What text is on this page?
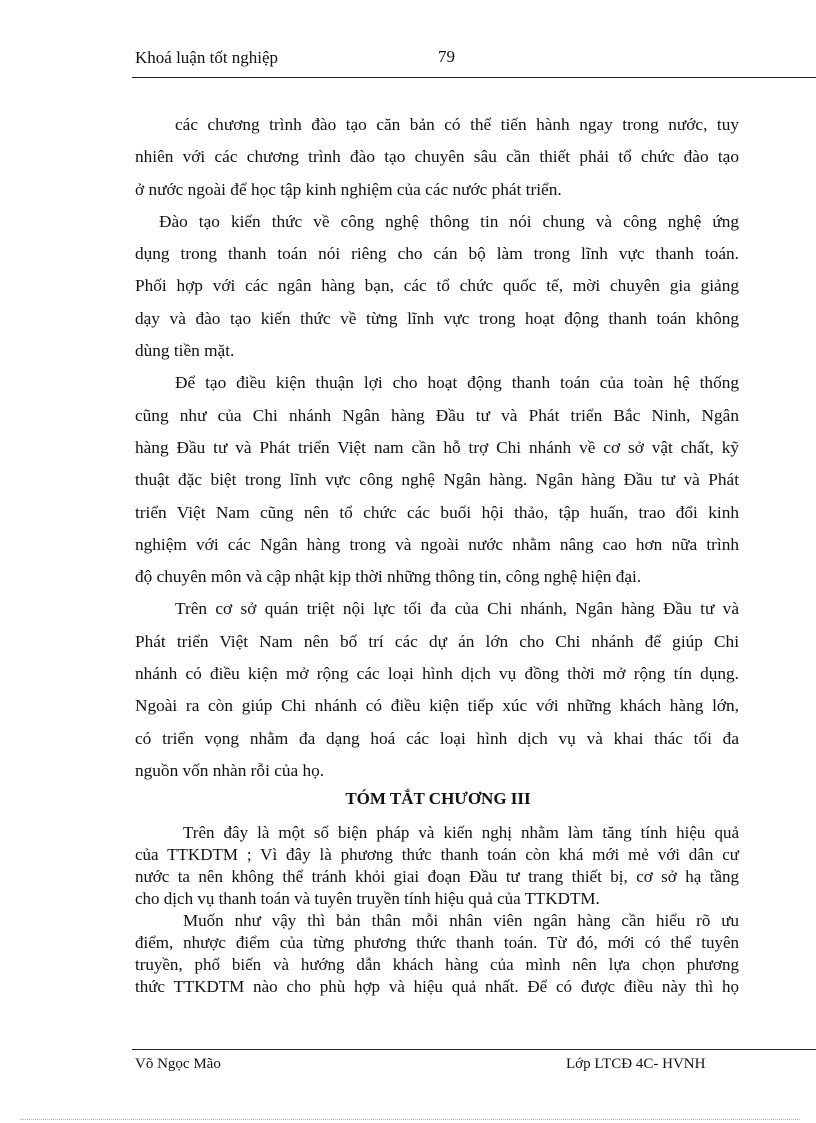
Khoá luận tốt nghiệp	79
các chương trình đào tạo căn bản có thể tiến hành ngay trong nước, tuy
nhiên với các chương trình đào tạo chuyên sâu cần thiết phải tổ chức đào tạo
ở nước ngoài để học tập kinh nghiệm của các nước phát triển.
Đào tạo kiến thức về công nghệ thông tin nói chung và công nghệ ứng
dụng trong thanh toán nói riêng cho cán bộ làm trong lĩnh vực thanh toán.
Phối hợp với các ngân hàng bạn, các tổ chức quốc tế, mời chuyên gia giảng
dạy và đào tạo kiến thức về từng lĩnh vực trong hoạt động thanh toán không
dùng tiền mặt.
Để tạo điều kiện thuận lợi cho hoạt động thanh toán của toàn hệ thống
cũng như của Chi nhánh Ngân hàng Đầu tư và Phát triển Bắc Ninh, Ngân
hàng Đầu tư và Phát triển Việt nam cần hỗ trợ Chi nhánh về cơ sở vật chất, kỹ
thuật đặc biệt trong lĩnh vực công nghệ Ngân hàng. Ngân hàng Đầu tư và Phát
triển Việt Nam cũng nên tổ chức các buổi hội thảo, tập huấn, trao đổi kinh
nghiệm với các Ngân hàng trong và ngoài nước nhằm nâng cao hơn nữa trình
độ chuyên môn và cập nhật kịp thời những thông tin, công nghệ hiện đại.
Trên cơ sở quán triệt nội lực tối đa của Chi nhánh, Ngân hàng Đầu tư và
Phát triển Việt Nam nên bố trí các dự án lớn cho Chi nhánh để giúp Chi
nhánh có điều kiện mở rộng các loại hình dịch vụ đồng thời mở rộng tín dụng.
Ngoài ra còn giúp Chi nhánh có điều kiện tiếp xúc với những khách hàng lớn,
có triển vọng nhằm đa dạng hoá các loại hình dịch vụ và khai thác tối đa
nguồn vốn nhàn rỗi của họ.
TÓM TẮT CHƯƠNG III
Trên đây là một số biện pháp và kiến nghị nhằm làm tăng tính hiệu quả
của TTKDTM ; Vì đây là phương thức thanh toán còn khá mới mẻ với dân cư
nước ta nên không thể tránh khỏi giai đoạn Đầu tư trang thiết bị, cơ sở hạ tầng
cho dịch vụ thanh toán và tuyên truyền tính hiệu quả của TTKDTM.
Muốn như vậy thì bản thân mỗi nhân viên ngân hàng cần hiểu rõ ưu
điểm, nhược điểm của từng phương thức thanh toán. Từ đó, mới có thể tuyên
truyền, phổ biến và hướng dẫn khách hàng của mình nên lựa chọn phương
thức TTKDTM nào cho phù hợp và hiệu quả nhất. Để có được điều này thì họ
Võ Ngọc Mão	Lớp LTCĐ 4C- HVNH
